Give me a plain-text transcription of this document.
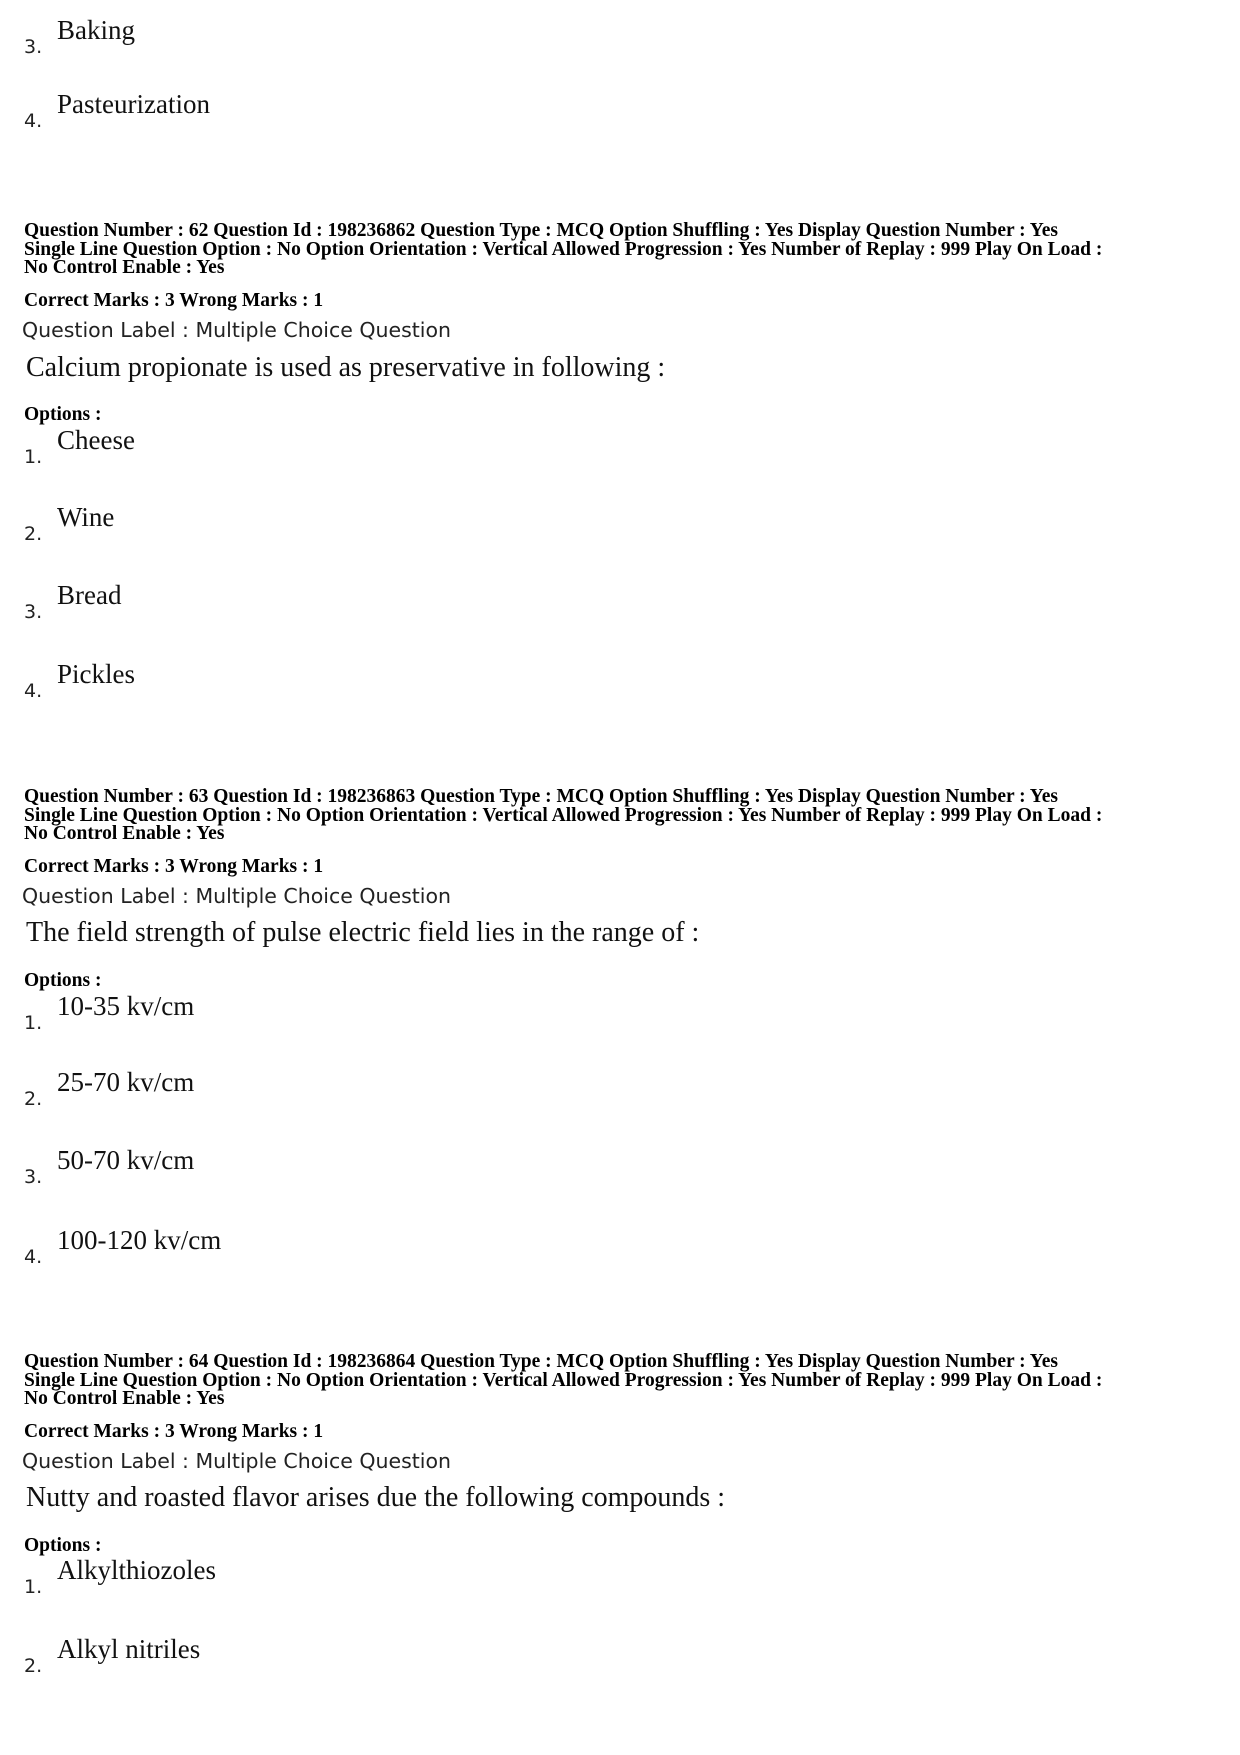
3.
Baking
4.
Pasteurization
Question Number : 62 Question Id : 198236862 Question Type : MCQ Option Shuffling : Yes Display Question Number : Yes
Single Line Question Option : No Option Orientation : Vertical Allowed Progression : Yes Number of Replay : 999 Play On Load :
No Control Enable : Yes
Correct Marks : 3 Wrong Marks : 1
Question Label : Multiple Choice Question
Calcium propionate is used as preservative in following :
Options :
1.
Cheese
2.
Wine
3.
Bread
4.
Pickles
Question Number : 63 Question Id : 198236863 Question Type : MCQ Option Shuffling : Yes Display Question Number : Yes
Single Line Question Option : No Option Orientation : Vertical Allowed Progression : Yes Number of Replay : 999 Play On Load :
No Control Enable : Yes
Correct Marks : 3 Wrong Marks : 1
Question Label : Multiple Choice Question
The field strength of pulse electric field lies in the range of :
Options :
1.
10-35 kv/cm
2.
25-70 kv/cm
3.
50-70 kv/cm
4.
100-120 kv/cm
Question Number : 64 Question Id : 198236864 Question Type : MCQ Option Shuffling : Yes Display Question Number : Yes
Single Line Question Option : No Option Orientation : Vertical Allowed Progression : Yes Number of Replay : 999 Play On Load :
No Control Enable : Yes
Correct Marks : 3 Wrong Marks : 1
Question Label : Multiple Choice Question
Nutty and roasted flavor arises due the following compounds :
Options :
1.
Alkylthiozoles
2.
Alkyl nitriles
